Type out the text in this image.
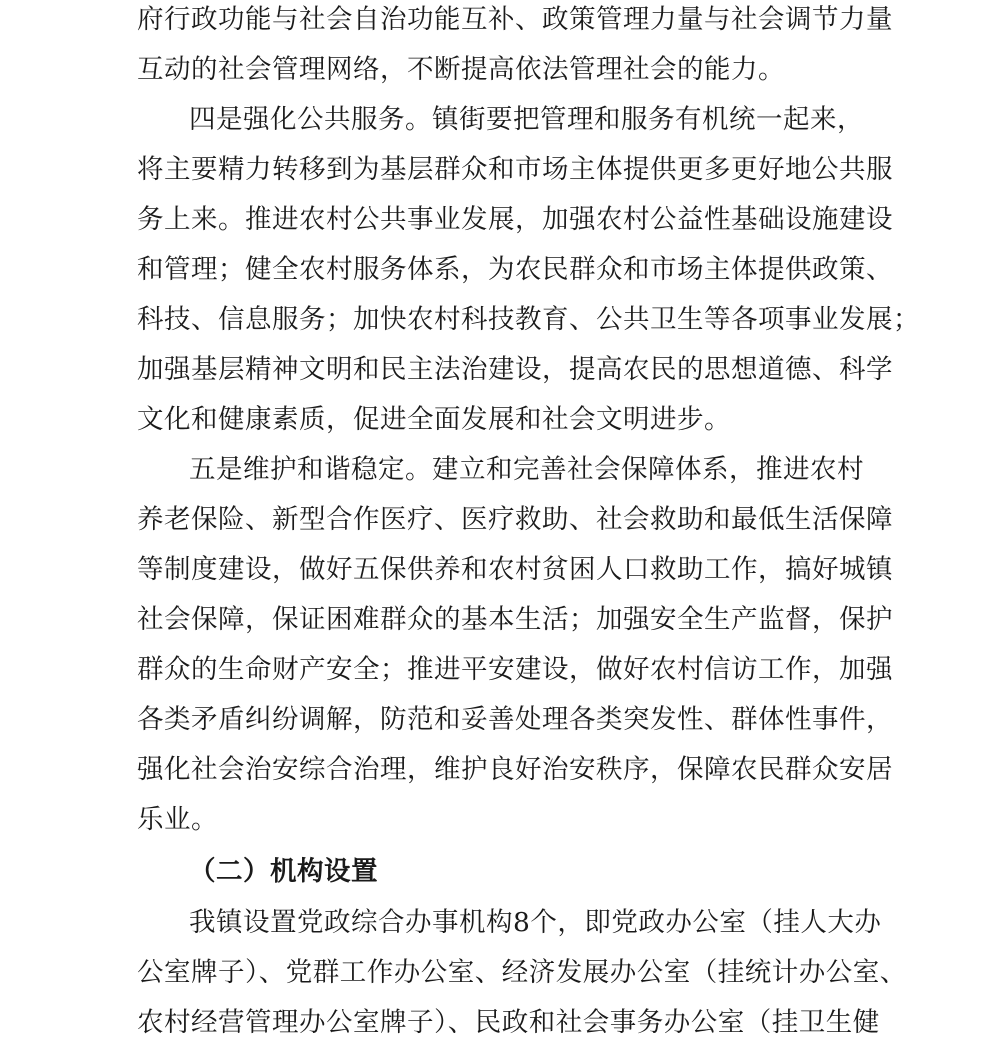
府行政功能与社会自治功能互补、政策管理力量与社会调节力量
互动的社会管理网络，不断提高依法管理社会的能力。
四是强化公共服务。镇街要把管理和服务有机统一起来，
将主要精力转移到为基层群众和市场主体提供更多更好地公共服
务上来。推进农村公共事业发展，加强农村公益性基础设施建设
和管理；健全农村服务体系，为农民群众和市场主体提供政策、
科技、信息服务；加快农村科技教育、公共卫生等各项事业发展；
加强基层精神文明和民主法治建设，提高农民的思想道德、科学
文化和健康素质，促进全面发展和社会文明进步。
五是维护和谐稳定。建立和完善社会保障体系，推进农村
养老保险、新型合作医疗、医疗救助、社会救助和最低生活保障
等制度建设，做好五保供养和农村贫困人口救助工作，搞好城镇
社会保障，保证困难群众的基本生活；加强安全生产监督，保护
群众的生命财产安全；推进平安建设，做好农村信访工作，加强
各类矛盾纠纷调解，防范和妥善处理各类突发性、群体性事件，
强化社会治安综合治理，维护良好治安秩序，保障农民群众安居
乐业。
（二）机构设置
我镇设置党政综合办事机构8个，即党政办公室（挂人大办
公室牌子）、党群工作办公室、经济发展办公室（挂统计办公室、
农村经营管理办公室牌子）、民政和社会事务办公室（挂卫生健
